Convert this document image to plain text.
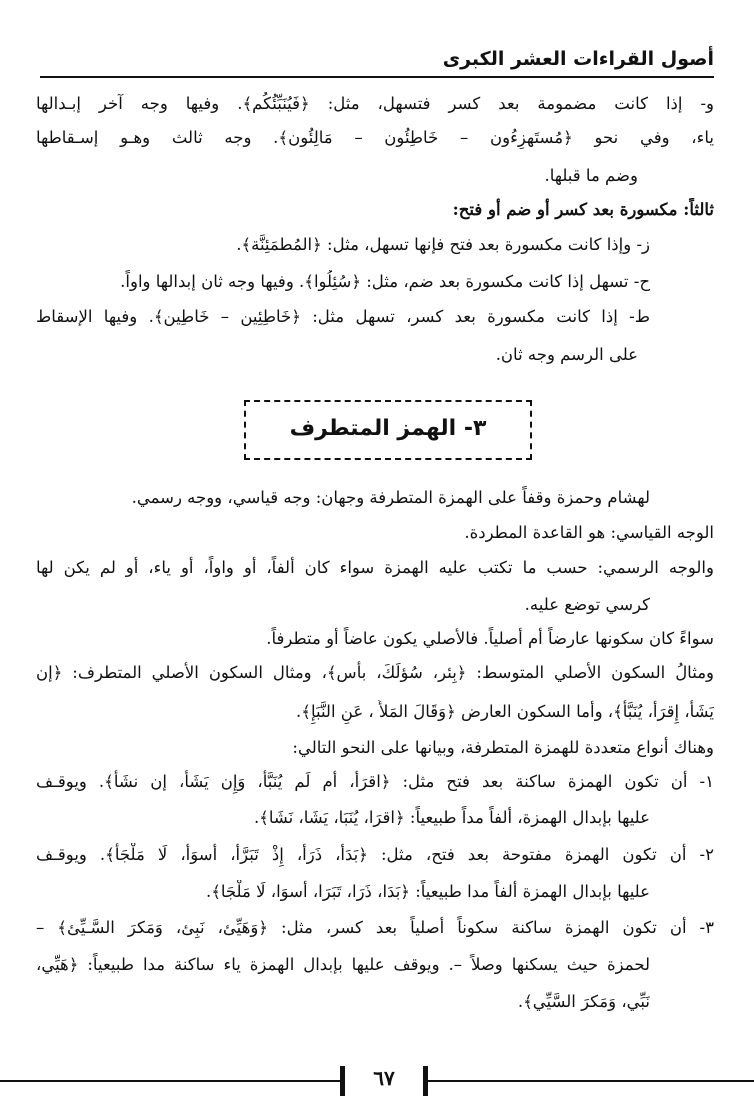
أصول القراءات العشر الكبرى
و- إذا كانت مضمومة بعد كسر فتسهل، مثل: ﴿فَيُنَبِّئُكُم﴾. وفيها وجه آخر إبـدالها
ياء، وفي نحو ﴿مُستَهزِءُون – خَاطِئُون – مَالِئُون﴾. وجه ثالث وهـو إسـقاطها
وضم ما قبلها.
ثالثاً: مكسورة بعد كسر أو ضم أو فتح:
ز- وإذا كانت مكسورة بعد فتح فإنها تسهل، مثل: ﴿المُطمَئِنَّة﴾.
ح- تسهل إذا كانت مكسورة بعد ضم، مثل: ﴿سُئِلُوا﴾. وفيها وجه ثان إبدالها واواً.
ط- إذا كانت مكسورة بعد كسر، تسهل مثل: ﴿خَاطِئِين – خَاطِين﴾. وفيها الإسقاط
على الرسم وجه ثان.
٣- الهمز المتطرف
لهشام وحمزة وقفاً على الهمزة المتطرفة وجهان: وجه قياسي، ووجه رسمي.
الوجه القياسي: هو القاعدة المطردة.
والوجه الرسمي: حسب ما تكتب عليه الهمزة سواء كان ألفاً، أو واواً، أو ياء، أو لم يكن لها
كرسي توضع عليه.
سواءً كان سكونها عارضاً أم أصلياً. فالأصلي يكون عاضاً أو متطرفاً.
ومثالُ السكون الأصلي المتوسط: ﴿بِئر، سُؤلَكَ، بأس﴾، ومثال السكون الأصلي المتطرف: ﴿إن
يَشَأ، إِقرَأ، يُنَبَّأ﴾، وأما السكون العارض ﴿وَقَالَ المَلأُ ، عَنِ النَّبَإِ﴾.
وهناك أنواع متعددة للهمزة المتطرفة، وبيانها على النحو التالي:
١- أن تكون الهمزة ساكنة بعد فتح مثل: ﴿اقرَأ، أم لَم يُنَبَّأ، وَإِن يَشَأ، إن نشَأ﴾. ويوقـف
عليها بإبدال الهمزة، ألفاً مداً طبيعياً: ﴿اقرَا، يُنَبَا، يَشَا، نَشَا﴾.
٢- أن تكون الهمزة مفتوحة بعد فتح، مثل: ﴿بَدَأَ، ذَرَأَ، إِذْ تَبَرَّأَ، أَسوَأَ، لَا مَلْجَأَ﴾. ويوقـف
عليها بإبدال الهمزة ألفاً مدا طبيعياً: ﴿بَدَا، ذَرَا، تَبَرَا، أَسوَا، لَا مَلْجَا﴾.
٣- أن تكون الهمزة ساكنة سكوناً أصلياً بعد كسر، مثل: ﴿وَهَيِّئ، نَبِئ، وَمَكرَ السَّـيِّئ﴾ –
لحمزة حيث يسكنها وصلاً –. ويوقف عليها بإبدال الهمزة ياء ساكنة مدا طبيعياً: ﴿هَيِّي،
نَبِّي، وَمَكرَ السَّيِّي﴾.
٦٧
